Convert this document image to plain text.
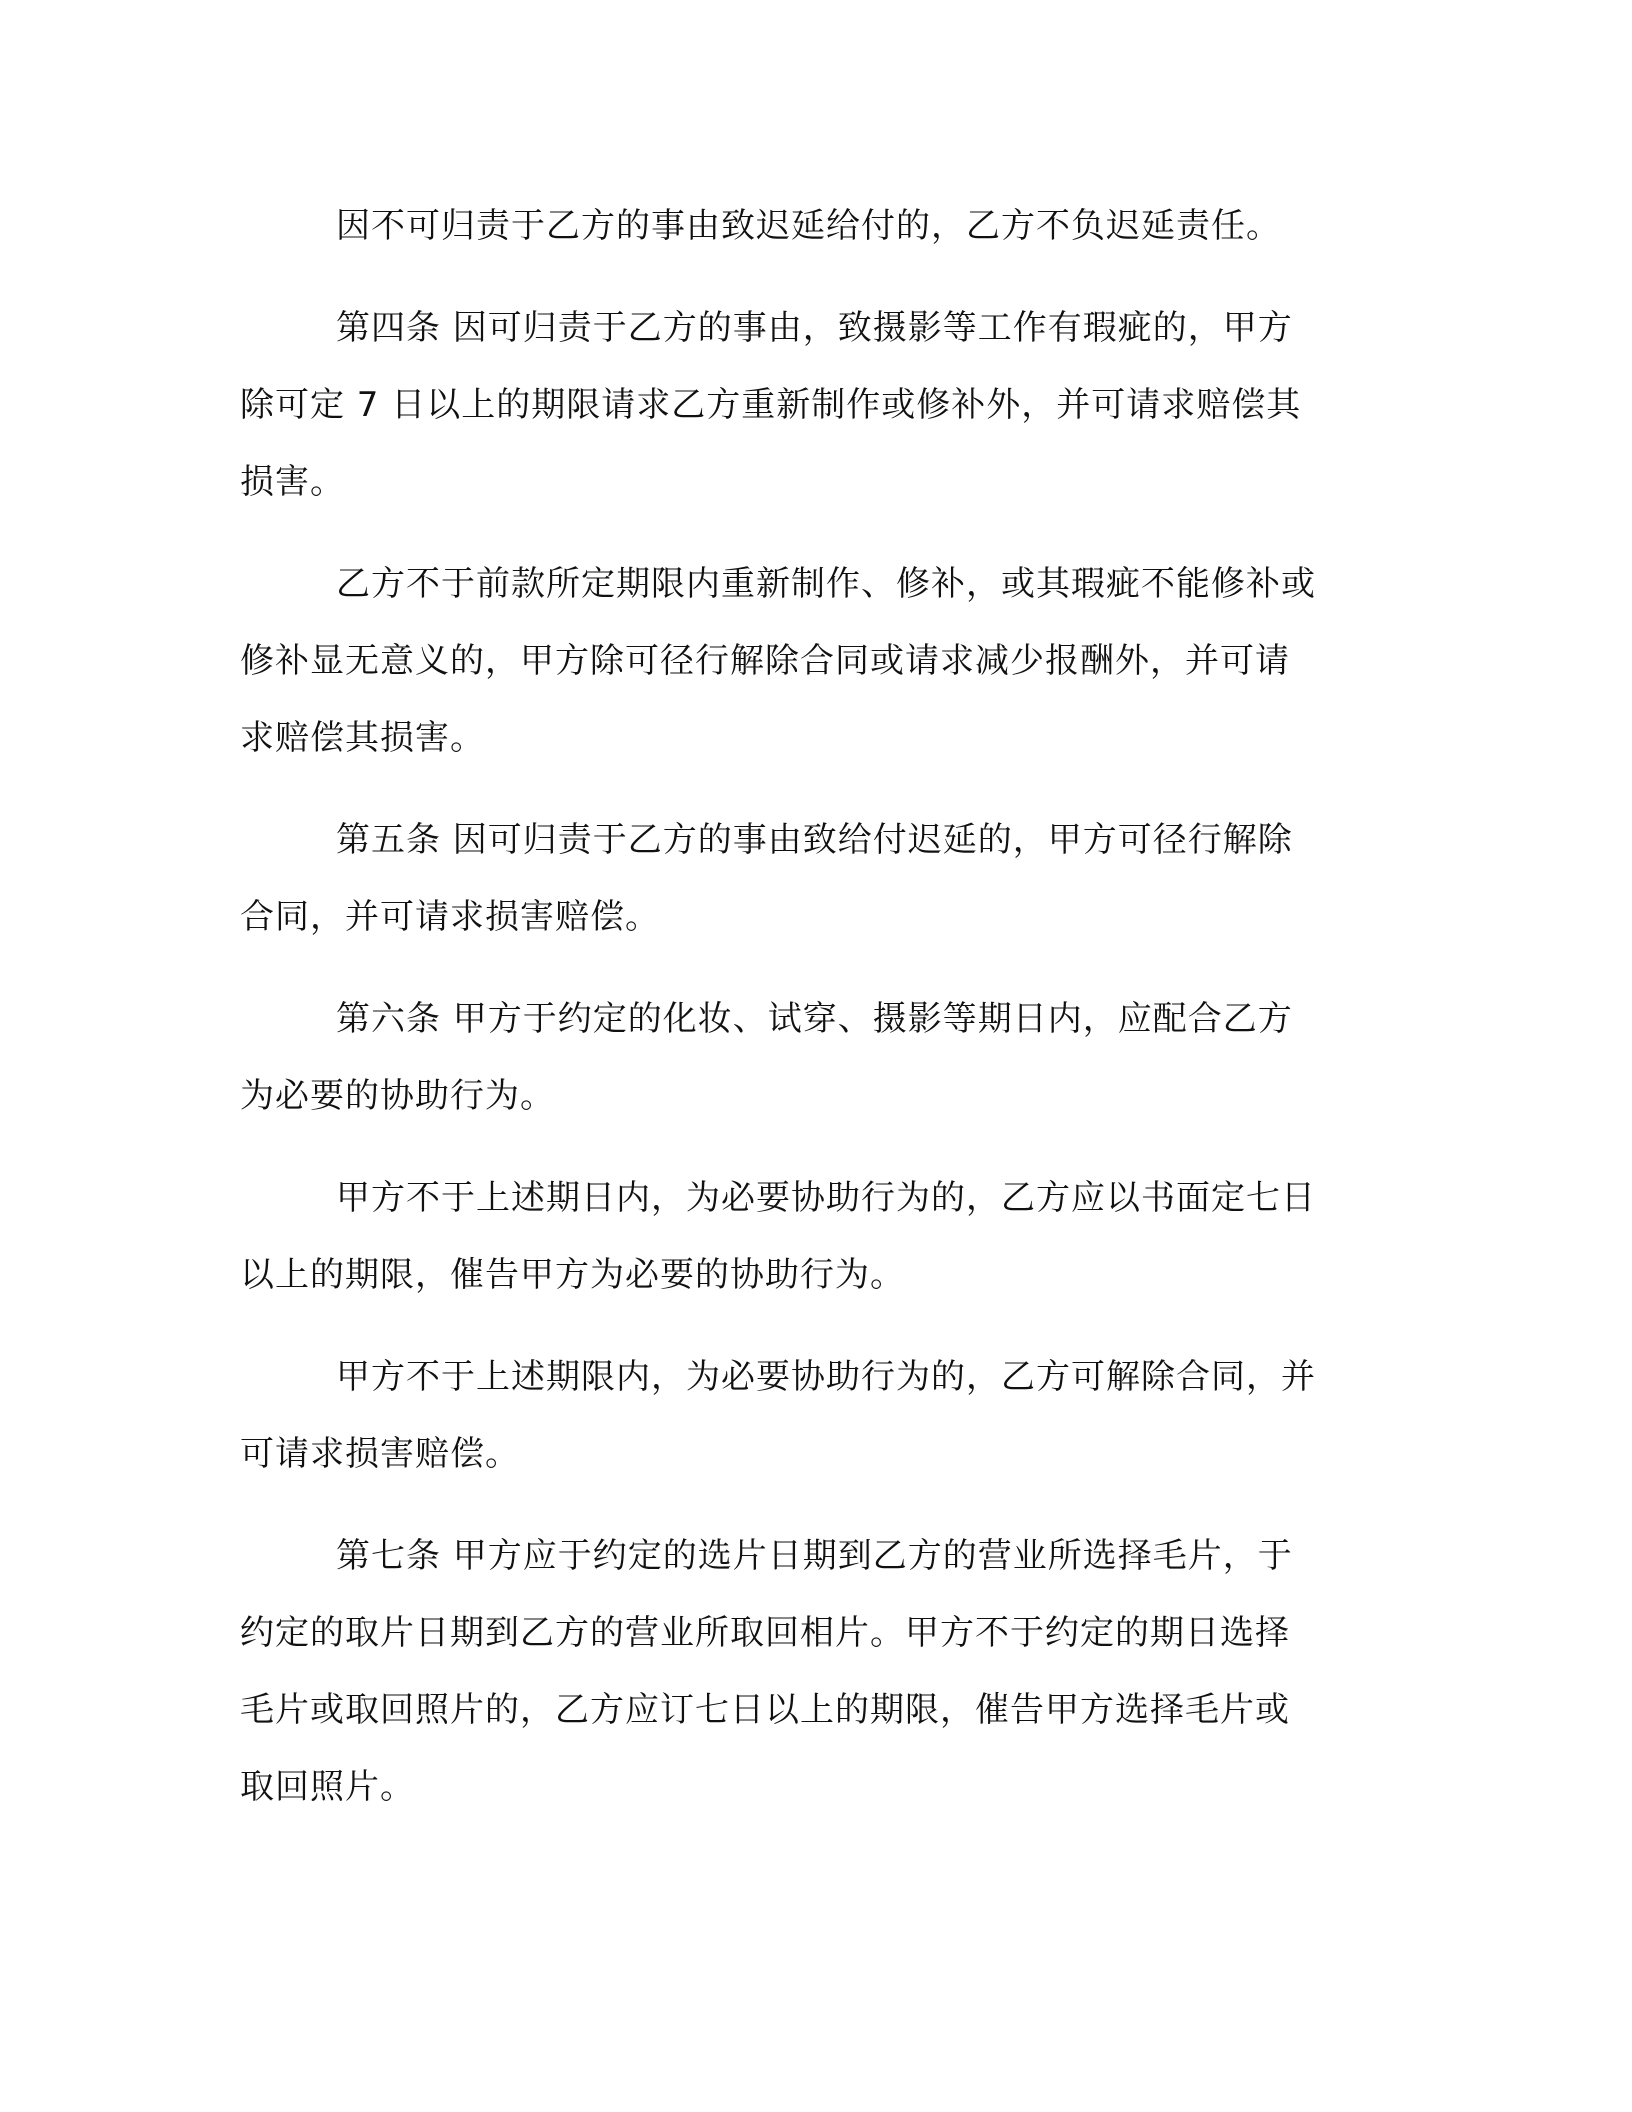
因不可归责于乙方的事由致迟延给付的，乙方不负迟延责任。

第四条 因可归责于乙方的事由，致摄影等工作有瑕疵的，甲方
除可定 7 日以上的期限请求乙方重新制作或修补外，并可请求赔偿其
损害。

乙方不于前款所定期限内重新制作、修补，或其瑕疵不能修补或
修补显无意义的，甲方除可径行解除合同或请求减少报酬外，并可请
求赔偿其损害。

第五条 因可归责于乙方的事由致给付迟延的，甲方可径行解除
合同，并可请求损害赔偿。

第六条 甲方于约定的化妆、试穿、摄影等期日内，应配合乙方
为必要的协助行为。

甲方不于上述期日内，为必要协助行为的，乙方应以书面定七日
以上的期限，催告甲方为必要的协助行为。

甲方不于上述期限内，为必要协助行为的，乙方可解除合同，并
可请求损害赔偿。

第七条 甲方应于约定的选片日期到乙方的营业所选择毛片，于
约定的取片日期到乙方的营业所取回相片。甲方不于约定的期日选择
毛片或取回照片的，乙方应订七日以上的期限，催告甲方选择毛片或
取回照片。
